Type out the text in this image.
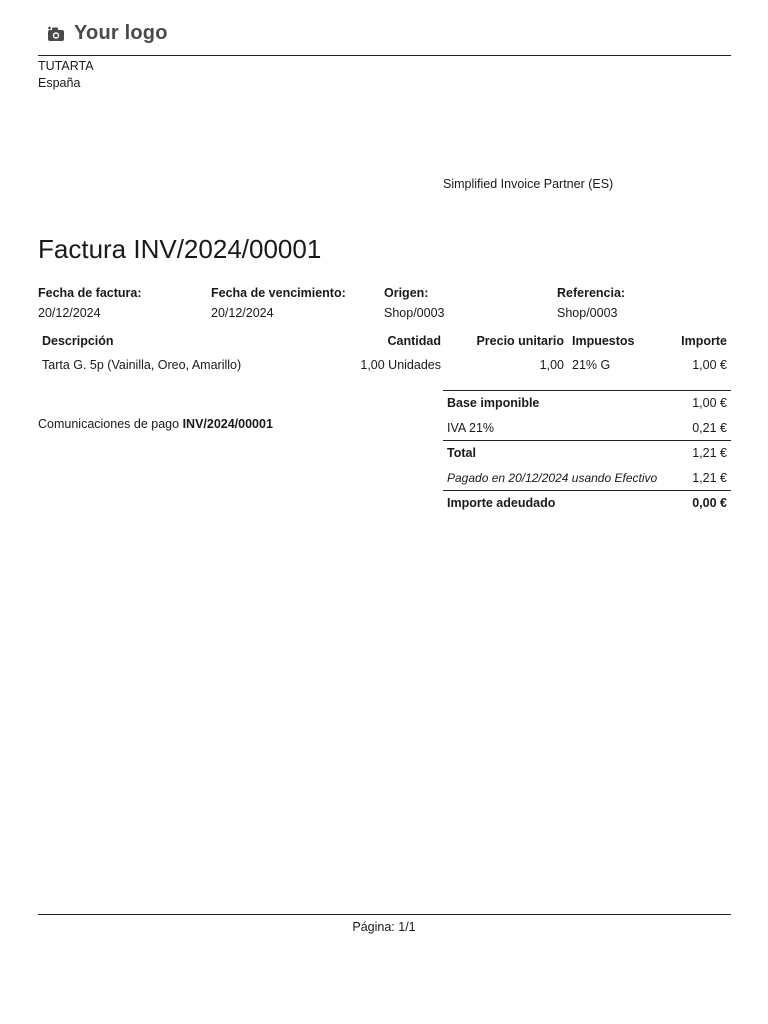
Your logo
TUTARTA
España
Simplified Invoice Partner (ES)
Factura INV/2024/00001
Fecha de factura:
20/12/2024
Fecha de vencimiento:
20/12/2024
Origen:
Shop/0003
Referencia:
Shop/0003
Descripción	Cantidad	Precio unitario	Impuestos	Importe
Tarta G. 5p (Vainilla, Oreo, Amarillo)	1,00 Unidades	1,00	21% G	1,00 €
Comunicaciones de pago INV/2024/00001
Base imponible	1,00 €
IVA 21%	0,21 €
Total	1,21 €
Pagado en 20/12/2024 usando Efectivo	1,21 €
Importe adeudado	0,00 €
Página: 1/1
